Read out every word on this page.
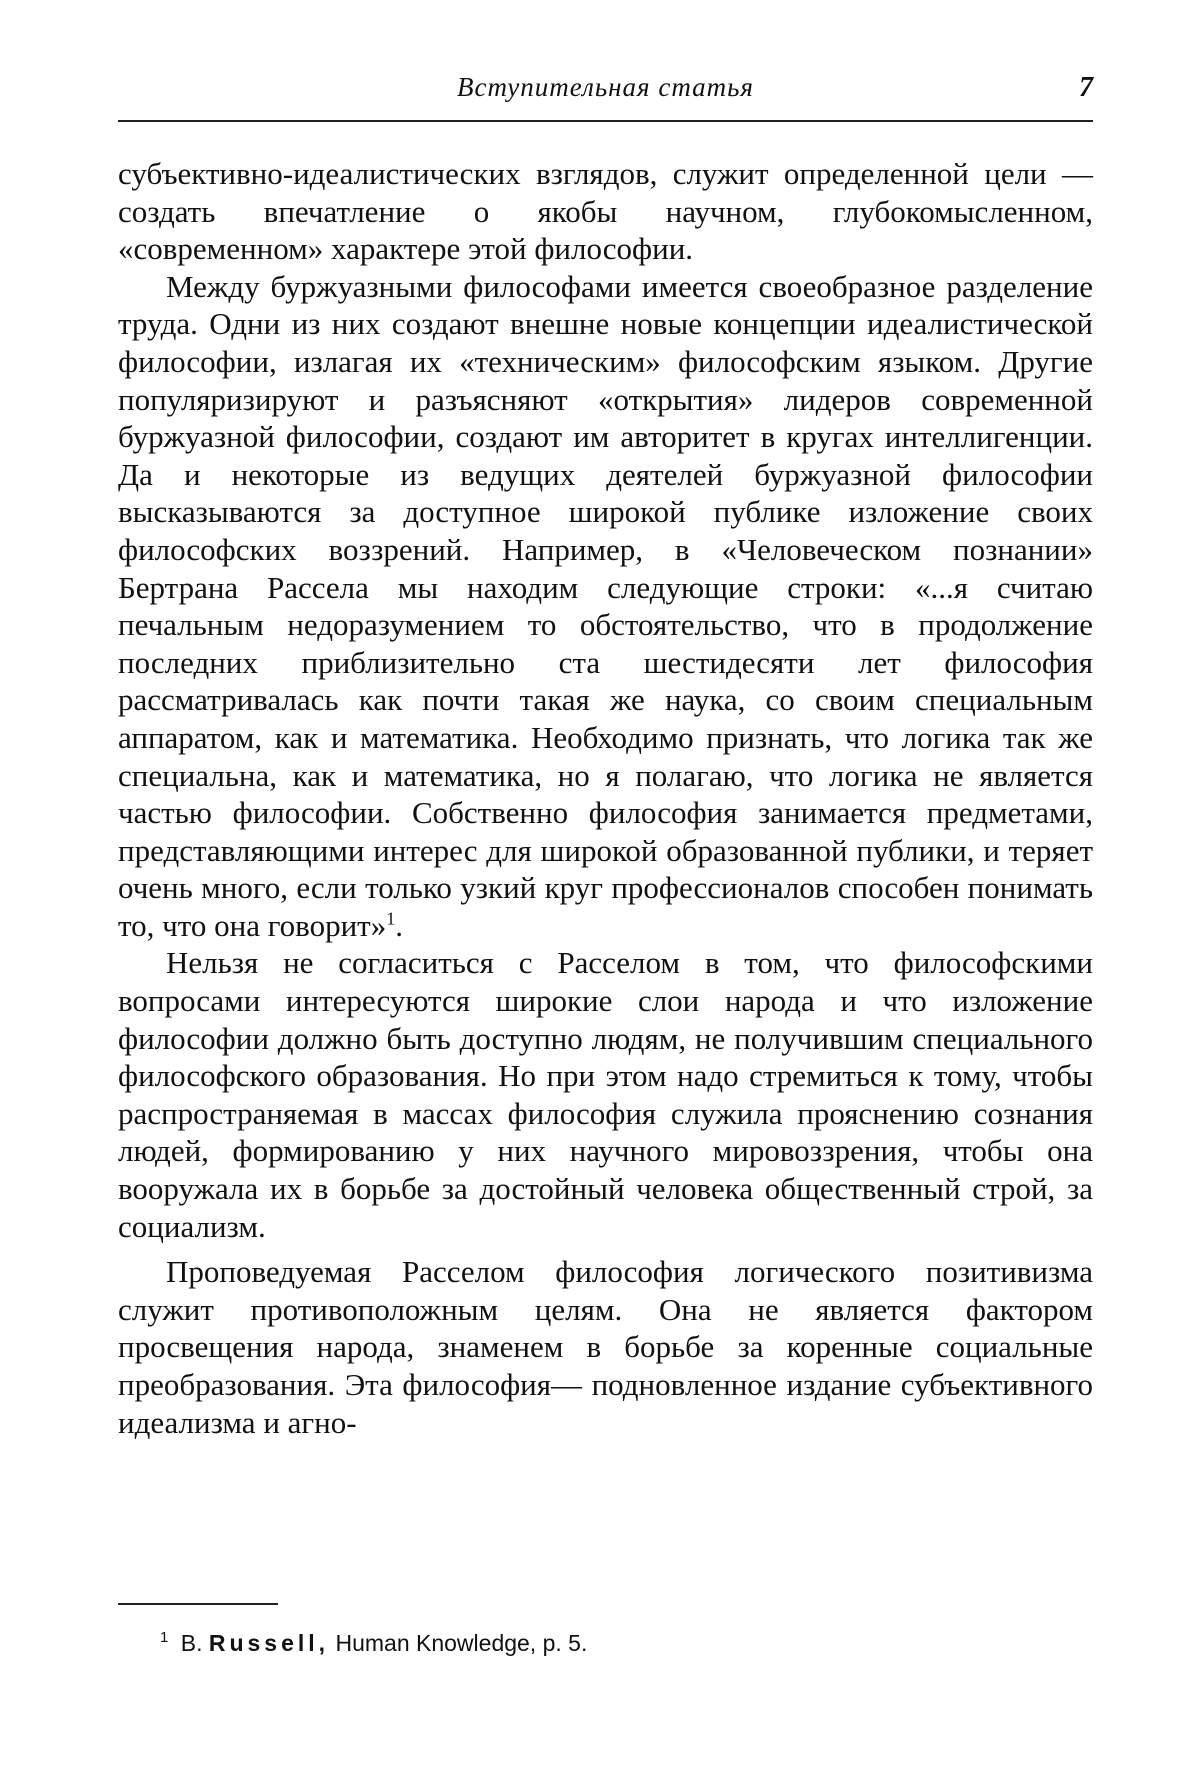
Вступительная статья	7

субъективно-идеалистических взглядов, служит определенной цели — создать впечатление о якобы научном, глубокомысленном, «современном» характере этой философии.

Между буржуазными философами имеется своеобразное разделение труда. Одни из них создают внешне новые концепции идеалистической философии, излагая их «техническим» философским языком. Другие популяризируют и разъясняют «открытия» лидеров современной буржуазной философии, создают им авторитет в кругах интеллигенции. Да и некоторые из ведущих деятелей буржуазной философии высказываются за доступное широкой публике изложение своих философских воззрений. Например, в «Человеческом познании» Бертрана Рассела мы находим следующие строки: «...я считаю печальным недоразумением то обстоятельство, что в продолжение последних приблизительно ста шестидесяти лет философия рассматривалась как почти такая же наука, со своим специальным аппаратом, как и математика. Необходимо признать, что логика так же специальна, как и математика, но я полагаю, что логика не является частью философии. Собственно философия занимается предметами, представляющими интерес для широкой образованной публики, и теряет очень много, если только узкий круг профессионалов способен понимать то, что она говорит»$^1$.

Нельзя не согласиться с Расселом в том, что философскими вопросами интересуются широкие слои народа и что изложение философии должно быть доступно людям, не получившим специального философского образования. Но при этом надо стремиться к тому, чтобы распространяемая в массах философия служила прояснению сознания людей, формированию у них научного мировоззрения, чтобы она вооружала их в борьбе за достойный человека общественный строй, за социализм.

Проповедуемая Расселом философия логического позитивизма служит противоположным целям. Она не является фактором просвещения народа, знаменем в борьбе за коренные социальные преобразования. Эта философия— подновленное издание субъективного идеализма и агно-

$^1$ B. Russell, Human Knowledge, p. 5.
